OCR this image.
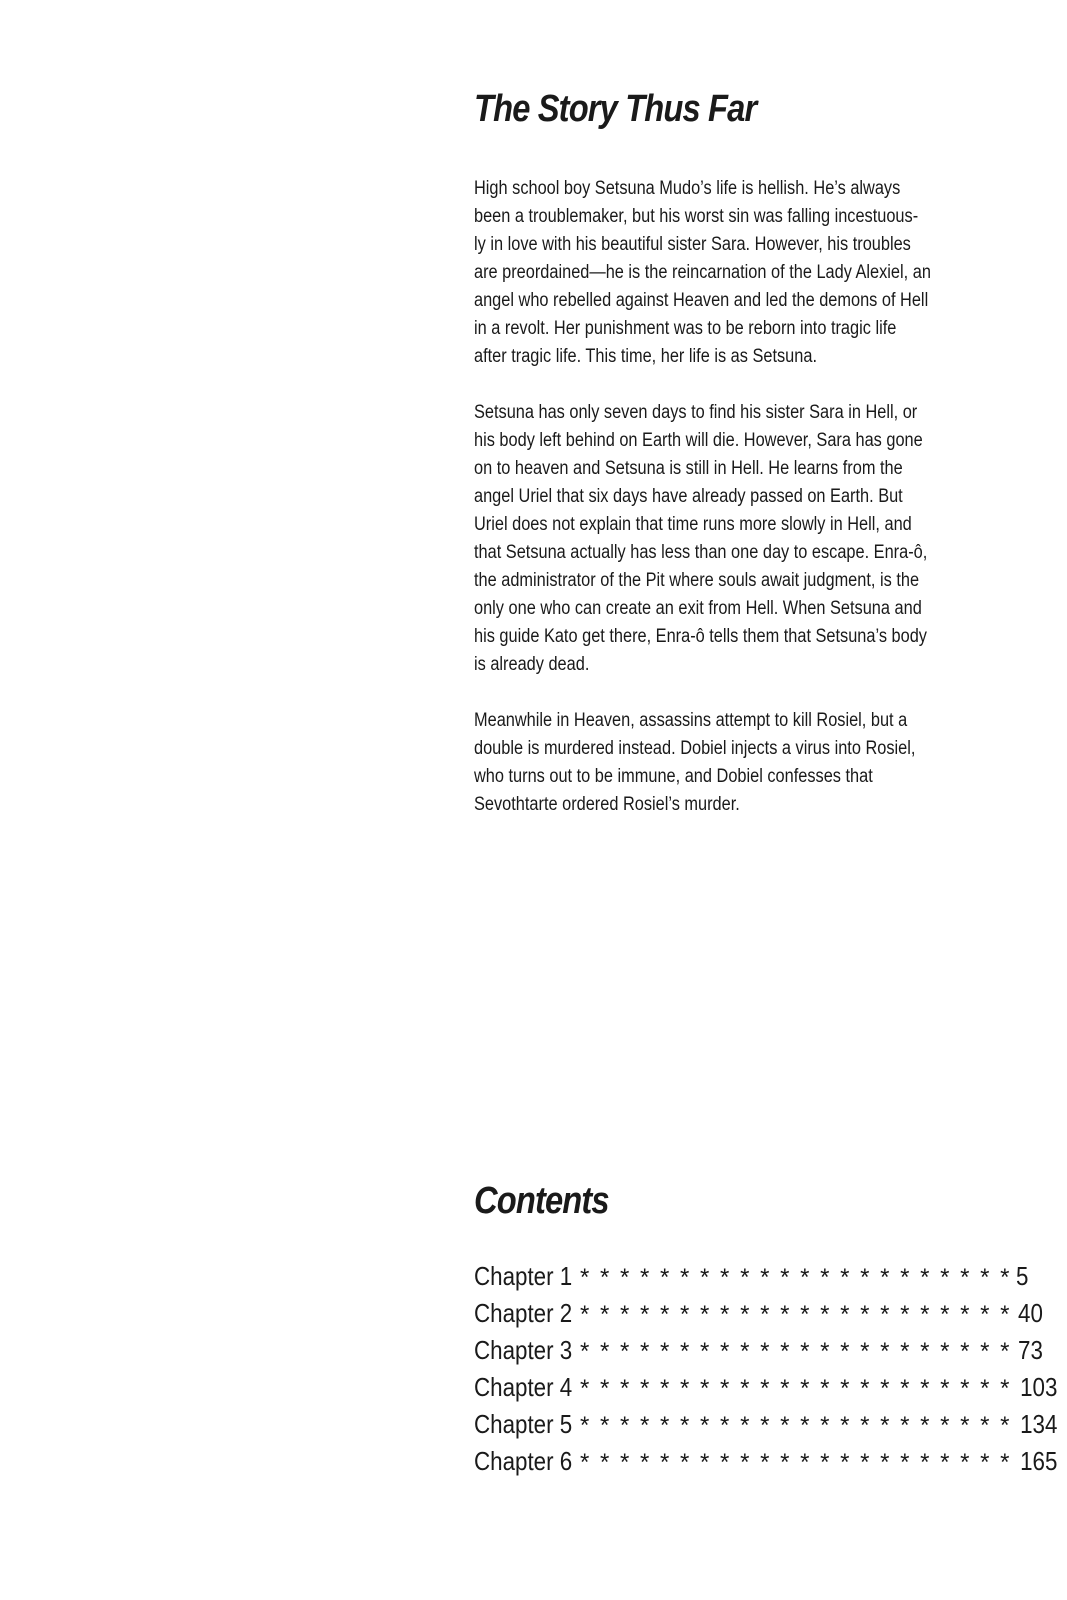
The Story Thus Far

High school boy Setsuna Mudo’s life is hellish. He’s always
been a troublemaker, but his worst sin was falling incestuous-
ly in love with his beautiful sister Sara. However, his troubles
are preordained—he is the reincarnation of the Lady Alexiel, an
angel who rebelled against Heaven and led the demons of Hell
in a revolt. Her punishment was to be reborn into tragic life
after tragic life. This time, her life is as Setsuna.

Setsuna has only seven days to find his sister Sara in Hell, or
his body left behind on Earth will die. However, Sara has gone
on to heaven and Setsuna is still in Hell. He learns from the
angel Uriel that six days have already passed on Earth. But
Uriel does not explain that time runs more slowly in Hell, and
that Setsuna actually has less than one day to escape. Enra-ô,
the administrator of the Pit where souls await judgment, is the
only one who can create an exit from Hell. When Setsuna and
his guide Kato get there, Enra-ô tells them that Setsuna’s body
is already dead.

Meanwhile in Heaven, assassins attempt to kill Rosiel, but a
double is murdered instead. Dobiel injects a virus into Rosiel,
who turns out to be immune, and Dobiel confesses that
Sevothtarte ordered Rosiel’s murder.

Contents
Chapter 1 * * * * * * * * * * * * * * * * * * * * * * 5
Chapter 2 * * * * * * * * * * * * * * * * * * * * * * 40
Chapter 3 * * * * * * * * * * * * * * * * * * * * * * 73
Chapter 4 * * * * * * * * * * * * * * * * * * * * * * 103
Chapter 5 * * * * * * * * * * * * * * * * * * * * * * 134
Chapter 6 * * * * * * * * * * * * * * * * * * * * * * 165
